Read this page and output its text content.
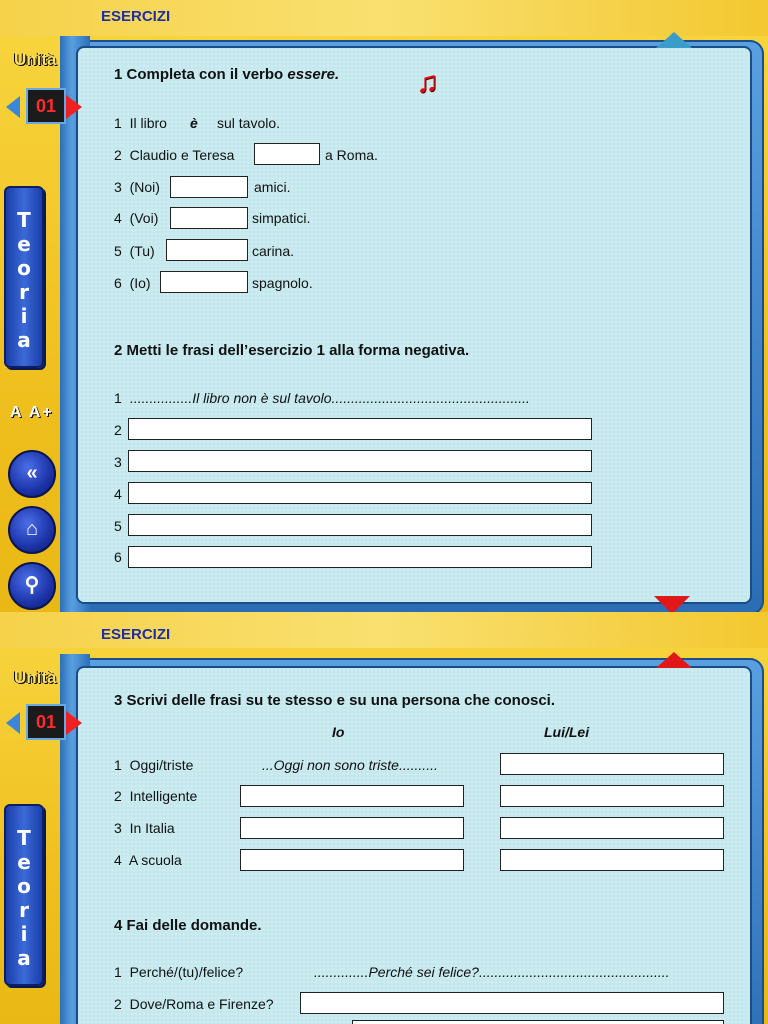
ESERCIZI
Unità
01
T
e
o
r
i
a
A A+
«
⌂
⚲
1 Completa con il verbo essere.	♫
1 Il libro è sul tavolo.
2 Claudio e Teresa	a Roma.
3 (Noi)	amici.
4 (Voi)	simpatici.
5 (Tu)	carina.
6 (Io)	spagnolo.
2 Metti le frasi dell’esercizio 1 alla forma negativa.
1 ................Il libro non è sul tavolo...................................................
2
3
4
5
6
ESERCIZI
Unità
01
T
e
o
r
i
a
3 Scrivi delle frasi su te stesso e su una persona che conosci.
Io	Lui/Lei
1 Oggi/triste	...Oggi non sono triste..........
2 Intelligente
3 In Italia
4 A scuola
4 Fai delle domande.
1 Perché/(tu)/felice?	..............Perché sei felice?.................................................
2 Dove/Roma e Firenze?
